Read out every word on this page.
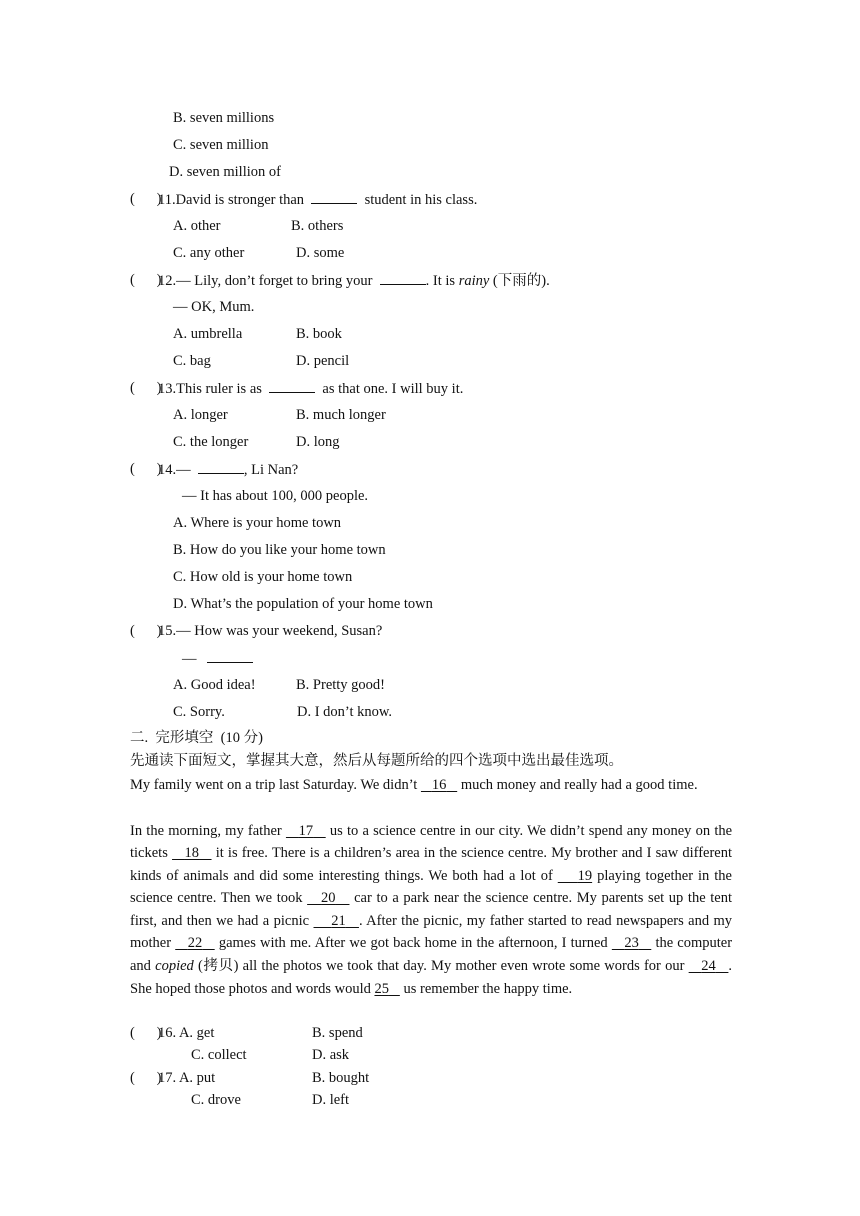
B. seven millions
C. seven million
D. seven million of
(      )
11.David is stronger than	student in his class.
A. other	B. others
C. any other	D. some
(      )
12.— Lily, don’t forget to bring your	. It is rainy (下雨的).
— OK, Mum.
A. umbrella	B. book
C. bag	D. pencil
(      )
13.This ruler is as	as that one. I will buy it.
A. longer	B. much longer
C. the longer	D. long
(      )
14.—	, Li Nan?
— It has about 100, 000 people.
A. Where is your home town
B. How do you like your home town
C. How old is your home town
D. What’s the population of your home town
(      )
15.— How was your weekend, Susan?
—
A. Good idea!	B. Pretty good!
C. Sorry.	D. I don’t know.
二. 完形填空 (10 分)
先通读下面短文，掌握其大意，然后从每题所给的四个选项中选出最佳选项。
My family went on a trip last Saturday. We didn’t 16 much money and really had a good time.
In the morning, my father 17 us to a science centre in our city. We didn’t spend any money on the tickets 18 it is free. There is a children’s area in the science centre. My brother and I saw different kinds of animals and did some interesting things. We both had a lot of 19 playing together in the science centre. Then we took 20 car to a park near the science centre. My parents set up the tent first, and then we had a picnic 21 . After the picnic, my father started to read newspapers and my mother 22 games with me. After we got back home in the afternoon, I turned 23 the computer and copied (拷贝) all the photos we took that day. My mother even wrote some words for our 24 . She hoped those photos and words would 25 us remember the happy time.
(      )
16. A. get	B. spend
C. collect	D. ask
(      )
17. A. put	B. bought
C. drove	D. left
